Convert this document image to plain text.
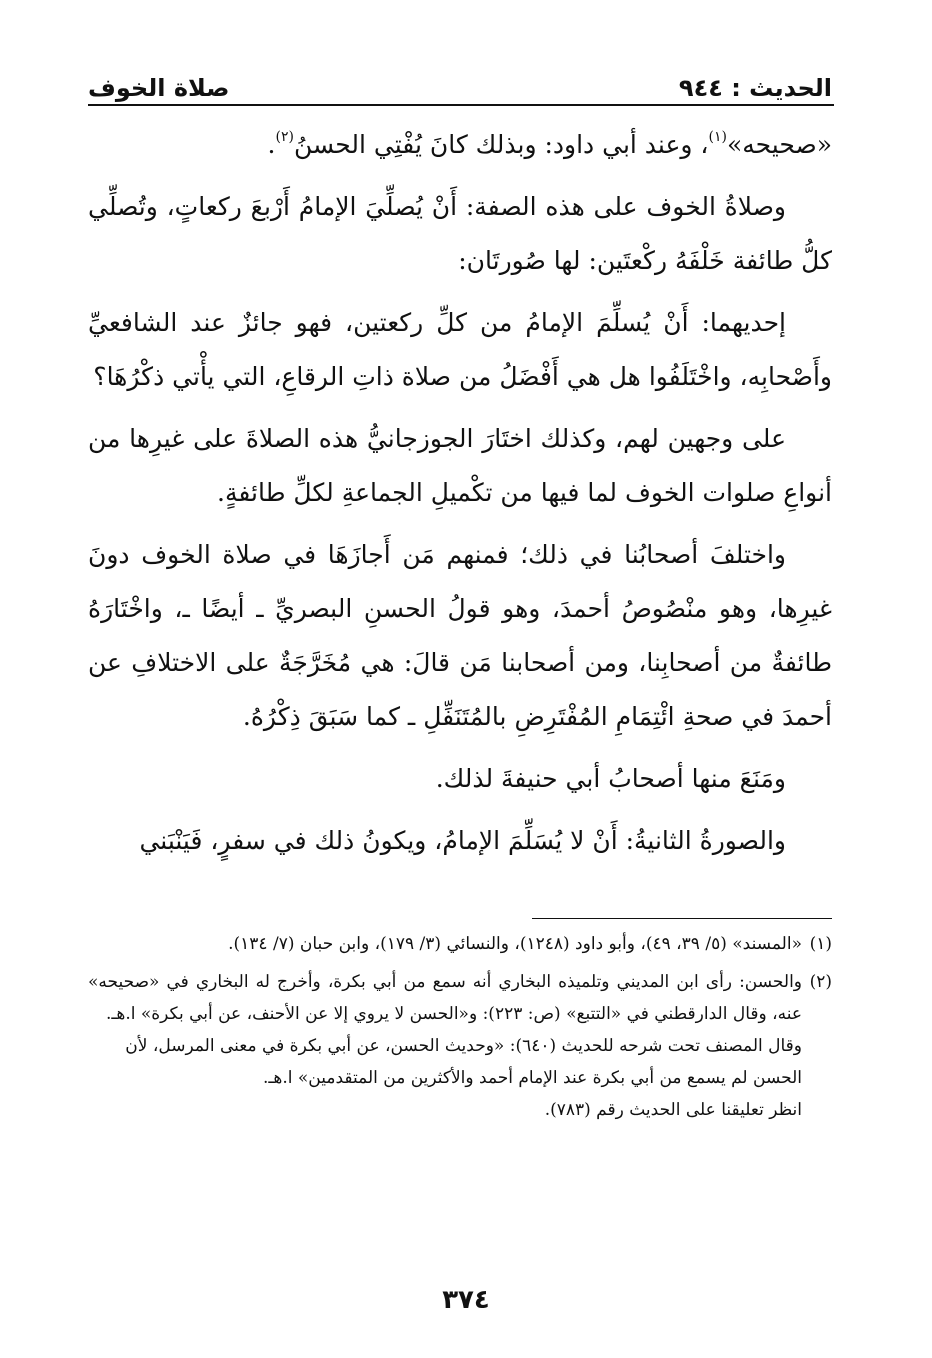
الحديث : ٩٤٤
صلاة الخوف

«صحيحه»$^{(١)}$، وعند أبي داود: وبذلك كانَ يُفْتِي الحسنُ$^{(٢)}$.

وصلاةُ الخوف على هذه الصفة: أَنْ يُصلِّيَ الإمامُ أَرْبعَ ركعاتٍ، وتُصلِّي كلُّ طائفة خَلْفَهُ ركْعتَين: لها صُورتَان:

إحديهما: أَنْ يُسلِّمَ الإمامُ من كلِّ ركعتين، فهو جائزٌ عند الشافعيِّ وأَصْحابِه، واخْتَلَفُوا هل هي أَفْضَلُ من صلاة ذاتِ الرقاعِ، التي يأْتي ذكْرُهَا؟

على وجهين لهم، وكذلك اختَارَ الجوزجانيُّ هذه الصلاةَ على غيرِها من أنواعِ صلوات الخوف لما فيها من تكْميلِ الجماعةِ لكلِّ طائفةٍ.

واختلفَ أصحابُنا في ذلك؛ فمنهم مَن أَجازَهَا في صلاة الخوف دونَ غيرِها، وهو منْصُوصُ أحمدَ، وهو قولُ الحسنِ البصريِّ ـ أيضًا ـ، واخْتَارَهُ طائفةٌ من أصحابِنا، ومن أصحابنا مَن قالَ: هي مُخَرَّجَةٌ على الاختلافِ عن أحمدَ في صحةِ ائْتِمَامِ المُفْتَرِضِ بالمُتَنَفِّلِ ـ كما سَبَقَ ذِكْرُهُ.

ومَنَعَ منها أصحابُ أبي حنيفةَ لذلك.

والصورةُ الثانيةُ: أَنْ لا يُسَلِّمَ الإمامُ، ويكونُ ذلك في سفرٍ، فَيَنْبَني

(١)
«المسند» (٥/ ٣٩، ٤٩)، وأبو داود (١٢٤٨)، والنسائي (٣/ ١٧٩)، وابن حبان (٧/ ١٣٤).
(٢)
والحسن: رأى ابن المديني وتلميذه البخاري أنه سمع من أبي بكرة، وأخرج له البخاري في «صحيحه» عنه، وقال الدارقطني في «التتبع» (ص: ٢٢٣): و«الحسن لا يروي إلا عن الأحنف، عن أبي بكرة» ا.هـ.
وقال المصنف تحت شرحه للحديث (٦٤٠): «وحديث الحسن، عن أبي بكرة في معنى المرسل، لأن الحسن لم يسمع من أبي بكرة عند الإمام أحمد والأكثرين من المتقدمين» ا.هـ.
انظر تعليقنا على الحديث رقم (٧٨٣).
٣٧٤
